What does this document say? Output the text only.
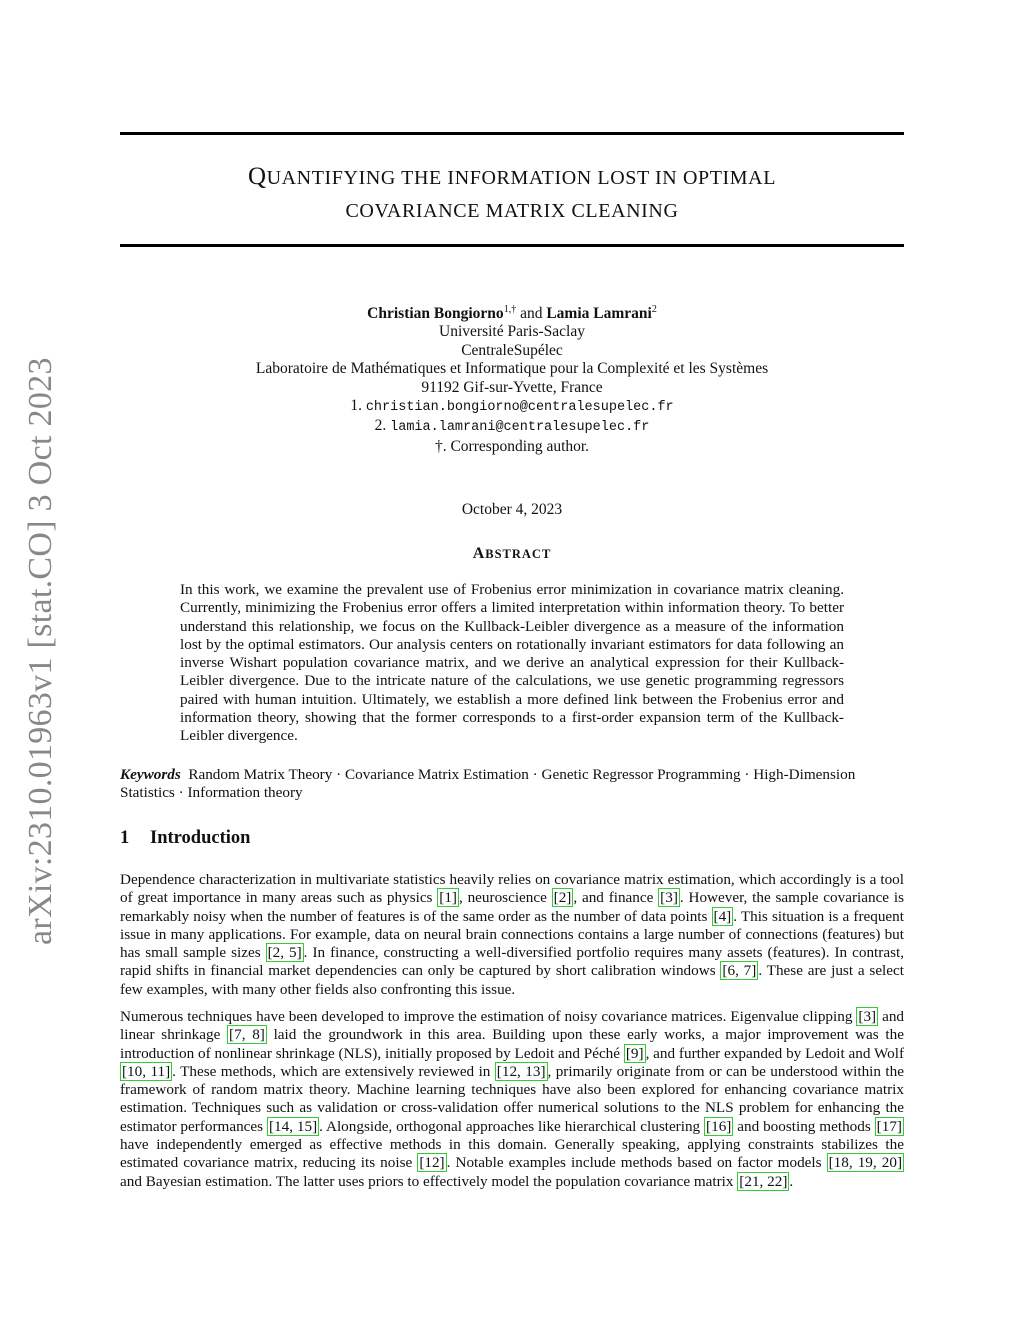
arXiv:2310.01963v1 [stat.CO] 3 Oct 2023
QUANTIFYING THE INFORMATION LOST IN OPTIMAL
COVARIANCE MATRIX CLEANING
Christian Bongiorno$^{1,\dagger}$ and Lamia Lamrani$^2$
Université Paris-Saclay
CentraleSupélec
Laboratoire de Mathématiques et Informatique pour la Complexité et les Systèmes
91192 Gif-sur-Yvette, France
1. christian.bongiorno@centralesupelec.fr
2. lamia.lamrani@centralesupelec.fr
†. Corresponding author.
October 4, 2023
ABSTRACT
In this work, we examine the prevalent use of Frobenius error minimization in covariance matrix cleaning. Currently, minimizing the Frobenius error offers a limited interpretation within information theory. To better understand this relationship, we focus on the Kullback-Leibler divergence as a measure of the information lost by the optimal estimators. Our analysis centers on rotationally invariant estimators for data following an inverse Wishart population covariance matrix, and we derive an analytical expression for their Kullback-Leibler divergence. Due to the intricate nature of the calculations, we use genetic programming regressors paired with human intuition. Ultimately, we establish a more defined link between the Frobenius error and information theory, showing that the former corresponds to a first-order expansion term of the Kullback-Leibler divergence.
Keywords Random Matrix Theory · Covariance Matrix Estimation · Genetic Regressor Programming · High-Dimension Statistics · Information theory
1 Introduction

Dependence characterization in multivariate statistics heavily relies on covariance matrix estimation, which accordingly is a tool of great importance in many areas such as physics [1] , neuroscience [2] , and finance [3] . However, the sample covariance is remarkably noisy when the number of features is of the same order as the number of data points [4] . This situation is a frequent issue in many applications. For example, data on neural brain connections contains a large number of connections (features) but has small sample sizes [2, 5] . In finance, constructing a well-diversified portfolio requires many assets (features). In contrast, rapid shifts in financial market dependencies can only be captured by short calibration windows [6, 7] . These are just a select few examples, with many other fields also confronting this issue.

Numerous techniques have been developed to improve the estimation of noisy covariance matrices. Eigenvalue clipping [3] and linear shrinkage [7, 8] laid the groundwork in this area. Building upon these early works, a major improvement was the introduction of nonlinear shrinkage (NLS), initially proposed by Ledoit and Péché [9] , and further expanded by Ledoit and Wolf [10, 11] . These methods, which are extensively reviewed in [12, 13] , primarily originate from or can be understood within the framework of random matrix theory. Machine learning techniques have also been explored for enhancing covariance matrix estimation. Techniques such as validation or cross-validation offer numerical solutions to the NLS problem for enhancing the estimator performances [14, 15] . Alongside, orthogonal approaches like hierarchical clustering [16] and boosting methods [17] have independently emerged as effective methods in this domain. Generally speaking, applying constraints stabilizes the estimated covariance matrix, reducing its noise [12] . Notable examples include methods based on factor models [18, 19, 20] and Bayesian estimation. The latter uses priors to effectively model the population covariance matrix [21, 22] .
